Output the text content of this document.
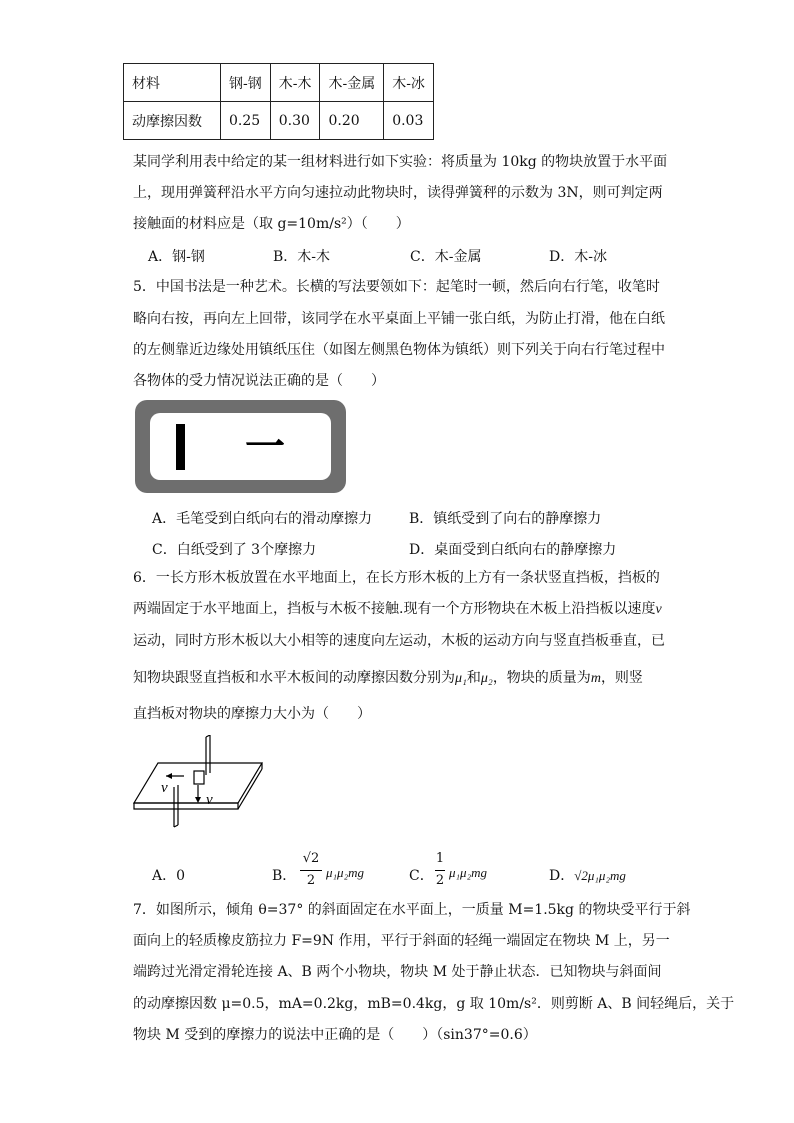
材料	钢-钢	木-木	木-金属	木-冰
动摩擦因数	0.25	0.30	0.20	0.03
某同学利用表中给定的某一组材料进行如下实验：将质量为 10kg 的物块放置于水平面
上，现用弹簧秤沿水平方向匀速拉动此物块时，读得弹簧秤的示数为 3N，则可判定两
接触面的材料应是（取 g=10m/s²）（　　）
A．钢-钢	B．木-木	C．木-金属	D．木-冰
5．中国书法是一种艺术。长横的写法要领如下：起笔时一顿，然后向右行笔，收笔时
略向右按，再向左上回带，该同学在水平桌面上平铺一张白纸，为防止打滑，他在白纸
的左侧靠近边缘处用镇纸压住（如图左侧黑色物体为镇纸）则下列关于向右行笔过程中
各物体的受力情况说法正确的是（　　）
一
A．毛笔受到白纸向右的滑动摩擦力	B．镇纸受到了向右的静摩擦力
C．白纸受到了 3个摩擦力	D．桌面受到白纸向右的静摩擦力
6．一长方形木板放置在水平地面上，在长方形木板的上方有一条状竖直挡板，挡板的
两端固定于水平地面上，挡板与木板不接触.现有一个方形物块在木板上沿挡板以速度v
运动，同时方形木板以大小相等的速度向左运动，木板的运动方向与竖直挡板垂直，已
知物块跟竖直挡板和水平木板间的动摩擦因数分别为μ₁和μ₂，物块的质量为m，则竖
直挡板对物块的摩擦力大小为（　　）
v
v
A．0	B．
√2
2
μ₁μ₂mg	C．
1
2
μ₁μ₂mg	D．√2μ₁μ₂mg
7．如图所示，倾角 θ=37° 的斜面固定在水平面上，一质量 M=1.5kg 的物块受平行于斜
面向上的轻质橡皮筋拉力 F=9N 作用，平行于斜面的轻绳一端固定在物块 M 上，另一
端跨过光滑定滑轮连接 A、B 两个小物块，物块 M 处于静止状态．已知物块与斜面间
的动摩擦因数 μ=0.5，mA=0.2kg，mB=0.4kg，g 取 10m/s²．则剪断 A、B 间轻绳后，关于
物块 M 受到的摩擦力的说法中正确的是（　　）（sin37°=0.6）
